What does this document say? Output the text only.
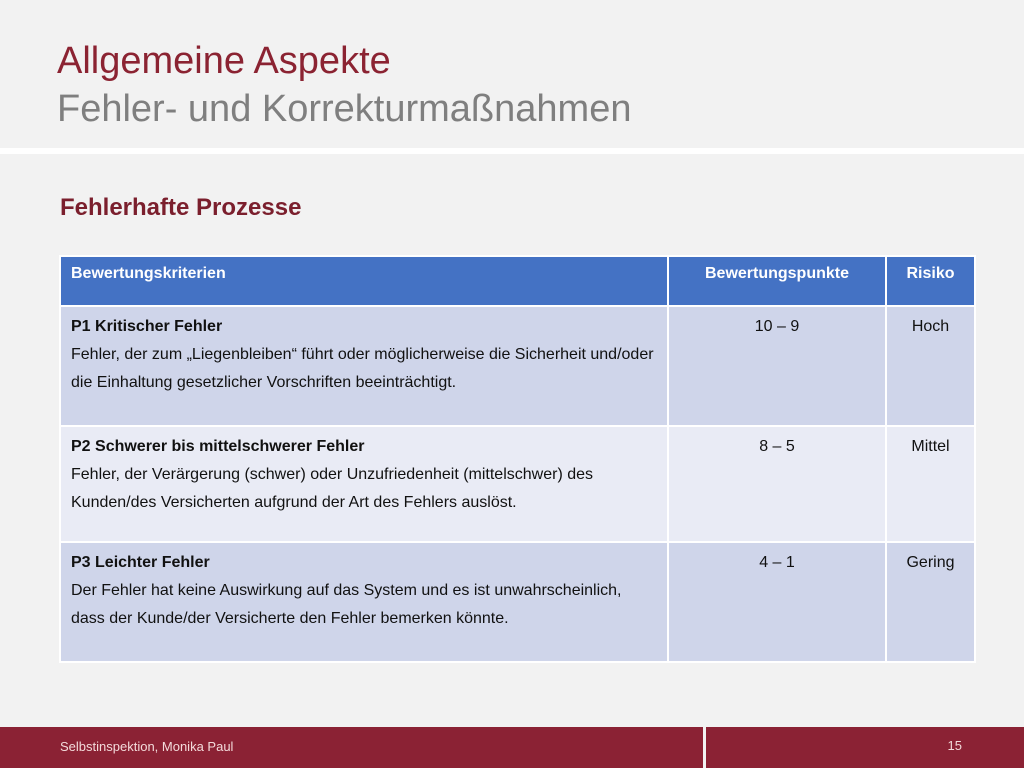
Allgemeine Aspekte
Fehler- und Korrekturmaßnahmen
Fehlerhafte Prozesse
Bewertungskriterien	Bewertungspunkte	Risiko

P1 Kritischer Fehler
Fehler, der zum „Liegenbleiben“ führt oder möglicherweise die Sicherheit und/oder die Einhaltung gesetzlicher Vorschriften beeinträchtigt.	10 – 9	Hoch

P2 Schwerer bis mittelschwerer Fehler
Fehler, der Verärgerung (schwer) oder Unzufriedenheit (mittelschwer) des Kunden/des Versicherten aufgrund der Art des Fehlers auslöst.	8 – 5	Mittel

P3 Leichter Fehler
Der Fehler hat keine Auswirkung auf das System und es ist unwahrscheinlich, dass der Kunde/der Versicherte den Fehler bemerken könnte.	4 – 1	Gering
Selbstinspektion, Monika Paul	15
